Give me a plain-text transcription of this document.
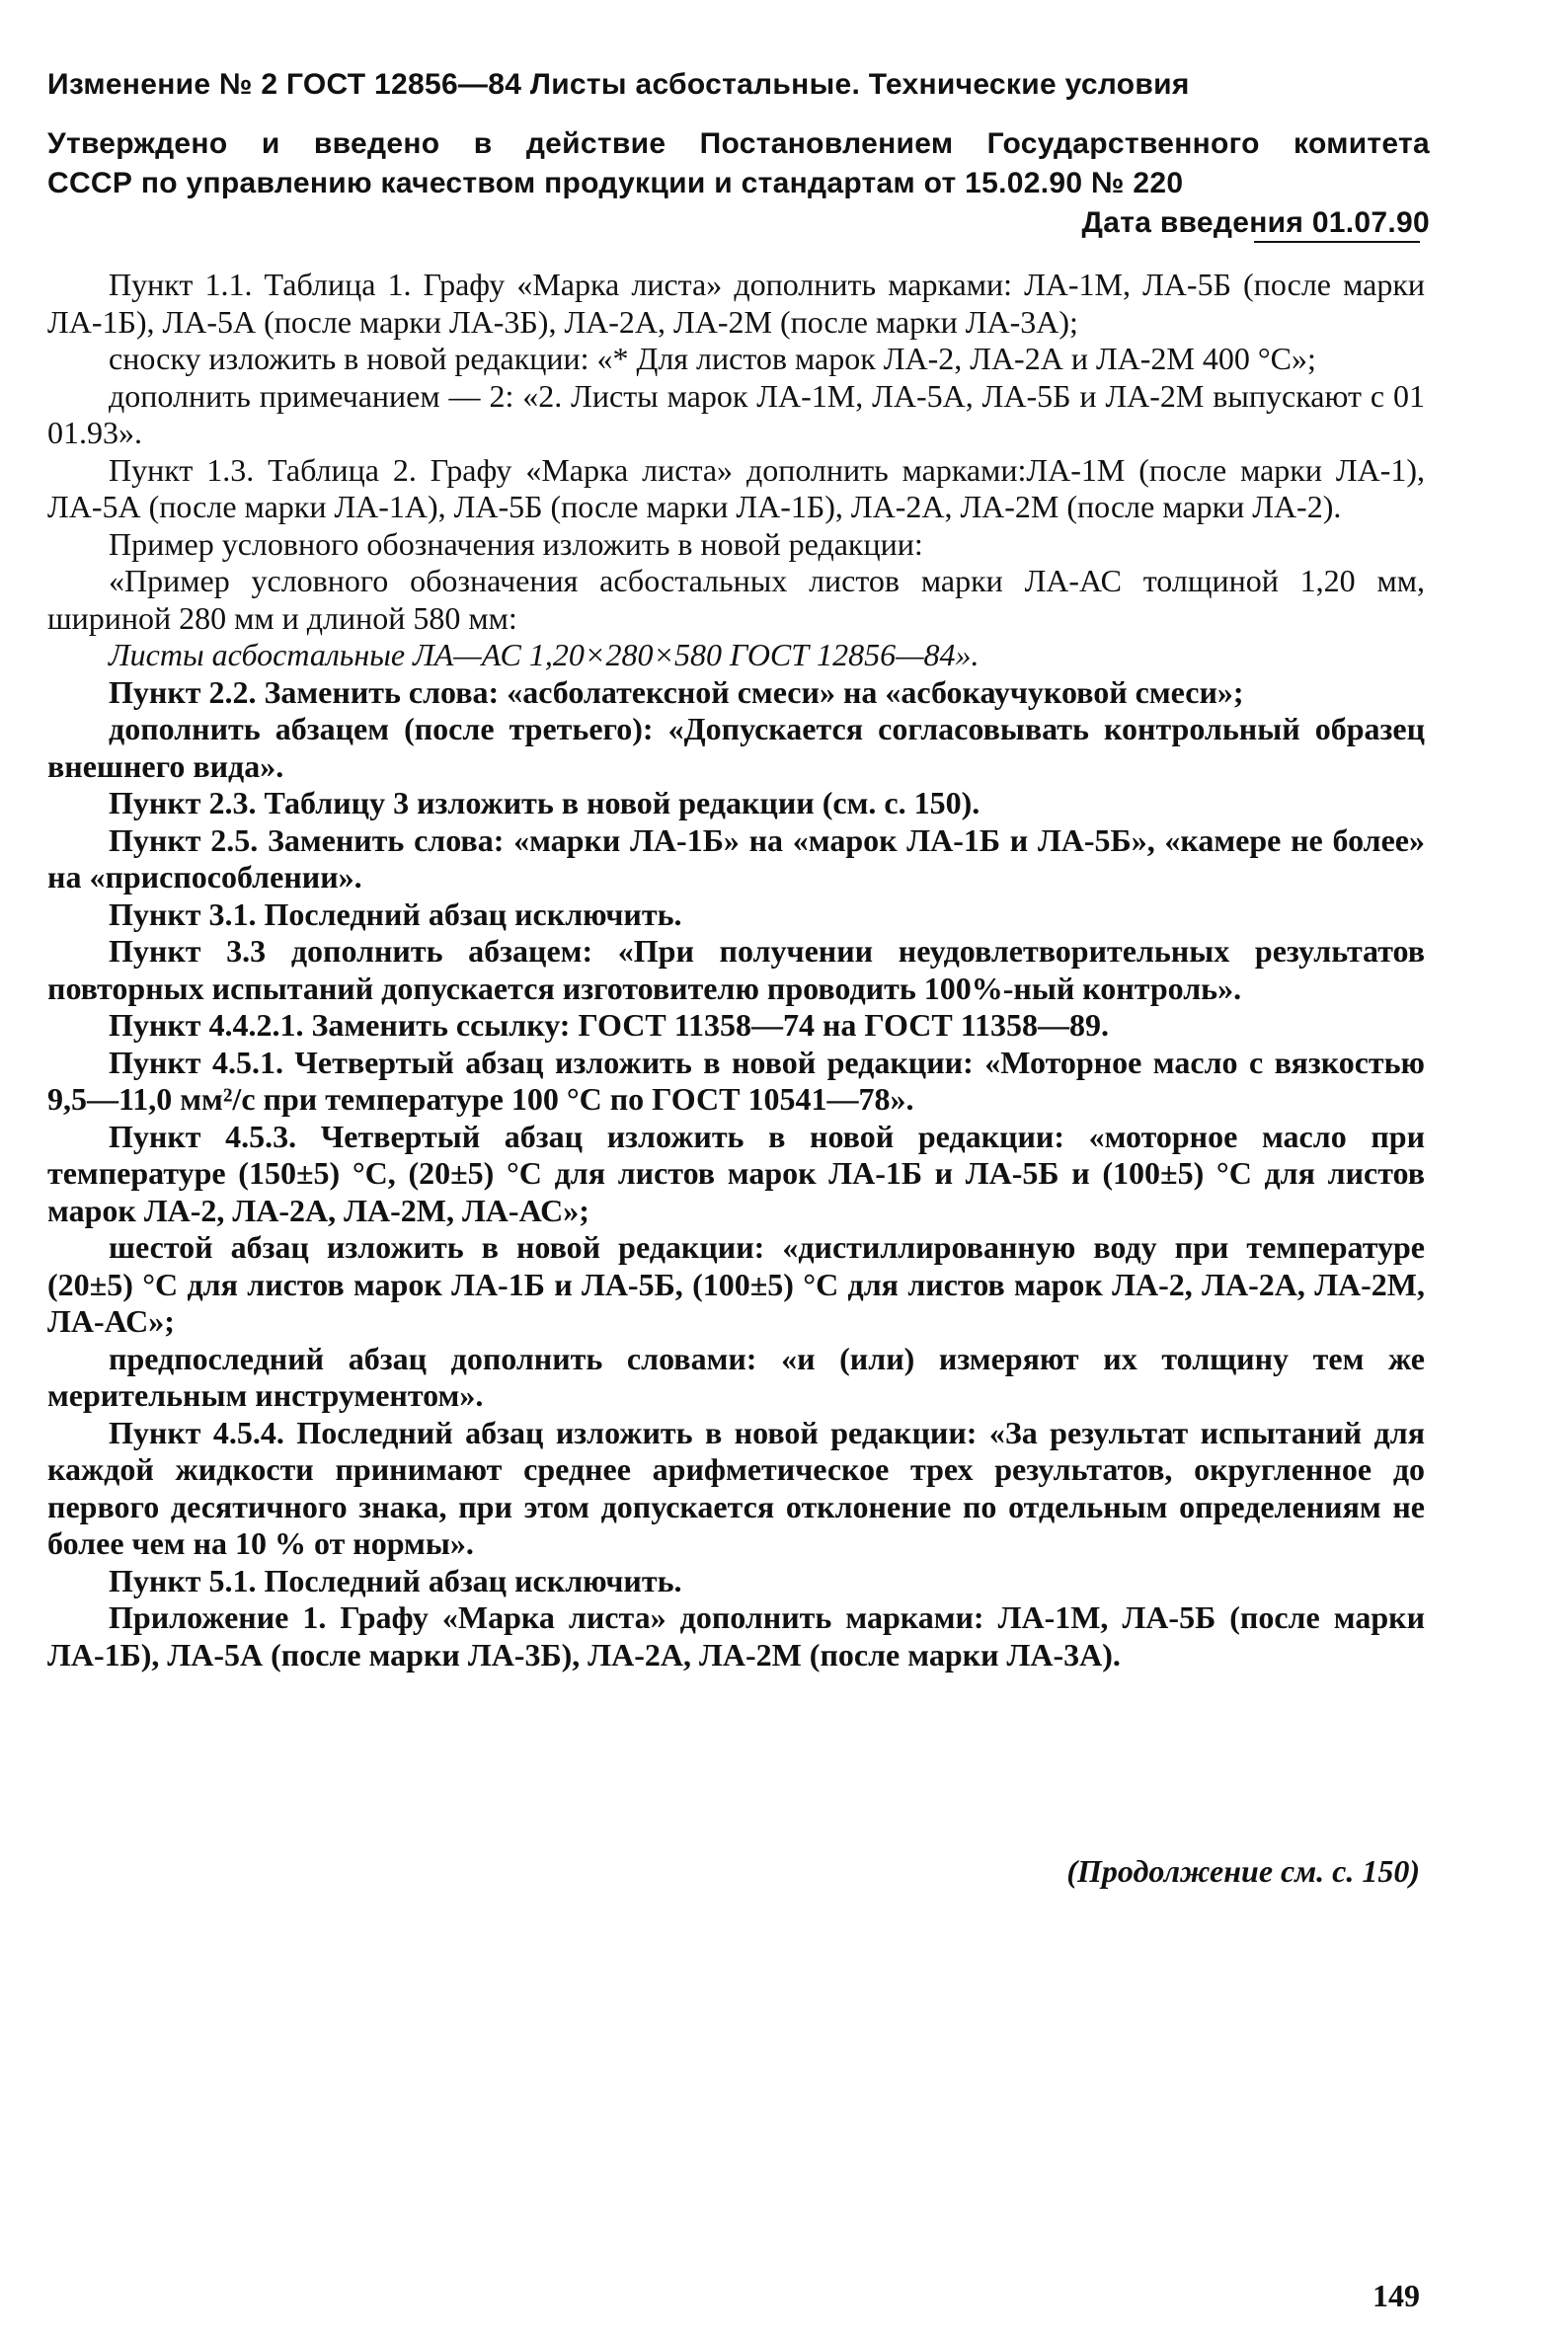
Изменение № 2 ГОСТ 12856—84 Листы асбостальные. Технические условия
Утверждено и введено в действие Постановлением Государственного комитета
СССР по управлению качеством продукции и стандартам от 15.02.90 № 220
Дата введения 01.07.90

Пункт 1.1. Таблица 1. Графу «Марка листа» дополнить марками: ЛА-1М, ЛА-5Б (после марки ЛА-1Б), ЛА-5А (после марки ЛА-3Б), ЛА-2А, ЛА-2М (после марки ЛА-3А);

сноску изложить в новой редакции: «* Для листов марок ЛА-2, ЛА-2А и ЛА-2М 400 °С»;

дополнить примечанием — 2: «2. Листы марок ЛА-1М, ЛА-5А, ЛА-5Б и ЛА-2М выпускают с 01 01.93».

Пункт 1.3. Таблица 2. Графу «Марка листа» дополнить марками:ЛА-1М (после марки ЛА-1), ЛА-5А (после марки ЛА-1А), ЛА-5Б (после марки ЛА-1Б), ЛА-2А, ЛА-2М (после марки ЛА-2).

Пример условного обозначения изложить в новой редакции:

«Пример условного обозначения асбостальных листов марки ЛА-АС толщиной 1,20 мм, шириной 280 мм и длиной 580 мм:

Листы асбостальные ЛА—АС 1,20×280×580 ГОСТ 12856—84».

Пункт 2.2. Заменить слова: «асболатексной смеси» на «асбокаучуковой смеси»;

дополнить абзацем (после третьего): «Допускается согласовывать контрольный образец внешнего вида».

Пункт 2.3. Таблицу 3 изложить в новой редакции (см. с. 150).

Пункт 2.5. Заменить слова: «марки ЛА-1Б» на «марок ЛА-1Б и ЛА-5Б», «камере не более» на «приспособлении».

Пункт 3.1. Последний абзац исключить.

Пункт 3.3 дополнить абзацем: «При получении неудовлетворительных результатов повторных испытаний допускается изготовителю проводить 100%-ный контроль».

Пункт 4.4.2.1. Заменить ссылку: ГОСТ 11358—74 на ГОСТ 11358—89.

Пункт 4.5.1. Четвертый абзац изложить в новой редакции: «Моторное масло с вязкостью 9,5—11,0 мм²/с при температуре 100 °С по ГОСТ 10541—78».

Пункт 4.5.3. Четвертый абзац изложить в новой редакции: «моторное масло при температуре (150±5) °С, (20±5) °С для листов марок ЛА-1Б и ЛА-5Б и (100±5) °С для листов марок ЛА-2, ЛА-2А, ЛА-2М, ЛА-АС»;

шестой абзац изложить в новой редакции: «дистиллированную воду при температуре (20±5) °С для листов марок ЛА-1Б и ЛА-5Б, (100±5) °С для листов марок ЛА-2, ЛА-2А, ЛА-2М, ЛА-АС»;

предпоследний абзац дополнить словами: «и (или) измеряют их толщину тем же мерительным инструментом».

Пункт 4.5.4. Последний абзац изложить в новой редакции: «За результат испытаний для каждой жидкости принимают среднее арифметическое трех результатов, округленное до первого десятичного знака, при этом допускается отклонение по отдельным определениям не более чем на 10 % от нормы».

Пункт 5.1. Последний абзац исключить.

Приложение 1. Графу «Марка листа» дополнить марками: ЛА-1М, ЛА-5Б (после марки ЛА-1Б), ЛА-5А (после марки ЛА-3Б), ЛА-2А, ЛА-2М (после марки ЛА-3А).

(Продолжение см. с. 150)
149
